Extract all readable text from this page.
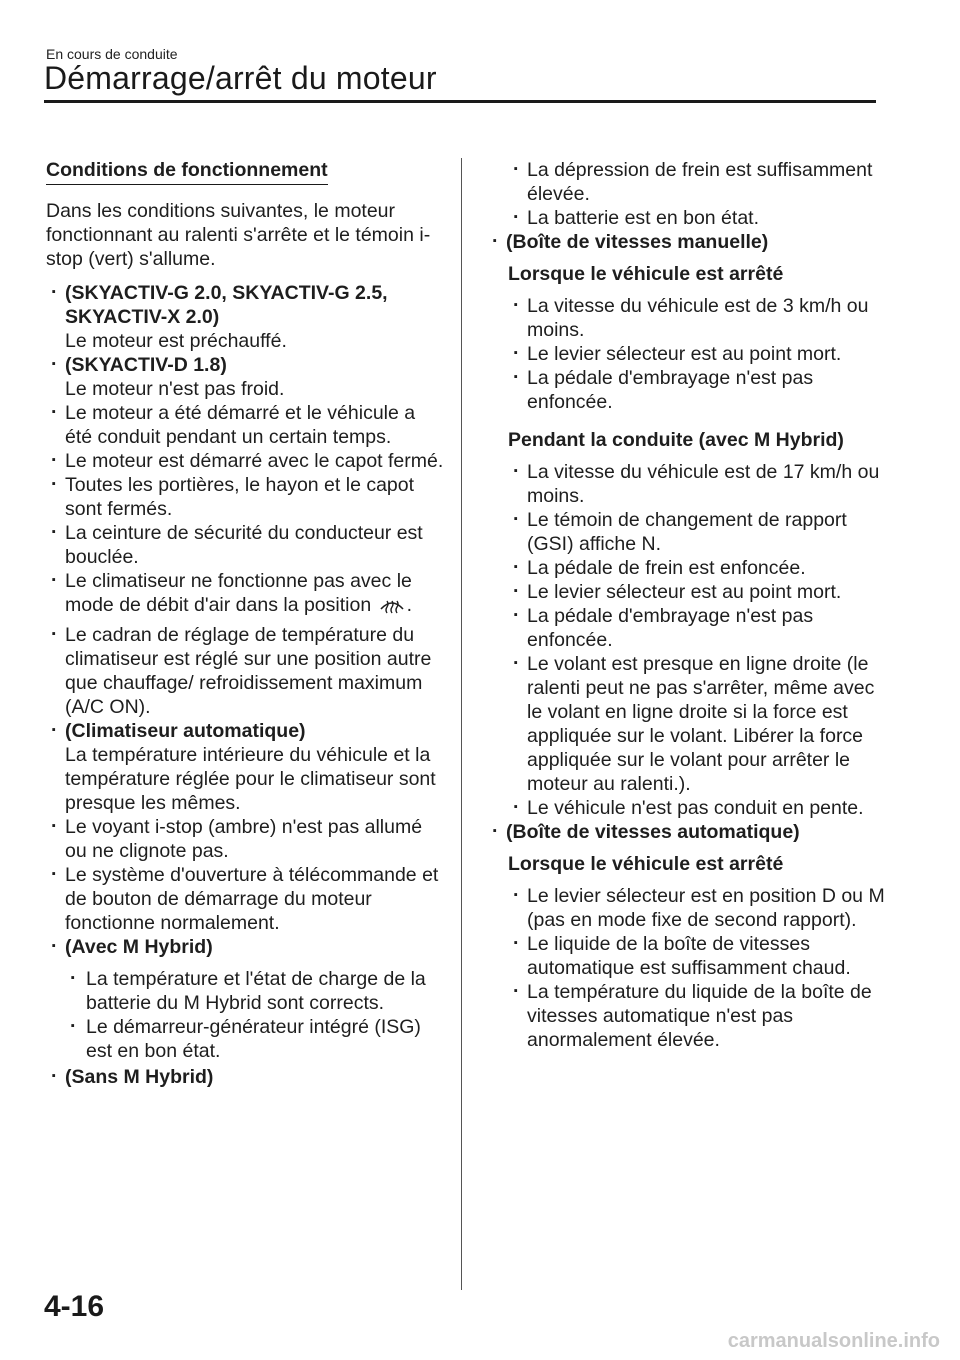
En cours de conduite
Démarrage/arrêt du moteur
Conditions de fonctionnement

Dans les conditions suivantes, le moteur fonctionnant au ralenti s'arrête et le témoin i-stop (vert) s'allume.

· (SKYACTIV-G 2.0, SKYACTIV-G 2.5, SKYACTIV-X 2.0)
Le moteur est préchauffé.
· (SKYACTIV-D 1.8)
Le moteur n'est pas froid.
· Le moteur a été démarré et le véhicule a été conduit pendant un certain temps.
· Le moteur est démarré avec le capot fermé.
· Toutes les portières, le hayon et le capot sont fermés.
· La ceinture de sécurité du conducteur est bouclée.
· Le climatiseur ne fonctionne pas avec le mode de débit d'air dans la position .
· Le cadran de réglage de température du climatiseur est réglé sur une position autre que chauffage/ refroidissement maximum (A/C ON).
· (Climatiseur automatique)
La température intérieure du véhicule et la température réglée pour le climatiseur sont presque les mêmes.
· Le voyant i-stop (ambre) n'est pas allumé ou ne clignote pas.
· Le système d'ouverture à télécommande et de bouton de démarrage du moteur fonctionne normalement.
· (Avec M Hybrid)
· La température et l'état de charge de la batterie du M Hybrid sont corrects.
· Le démarreur-générateur intégré (ISG) est en bon état.
· (Sans M Hybrid)
· La dépression de frein est suffisamment élevée.
· La batterie est en bon état.
· (Boîte de vitesses manuelle)
Lorsque le véhicule est arrêté
· La vitesse du véhicule est de 3 km/h ou moins.
· Le levier sélecteur est au point mort.
· La pédale d'embrayage n'est pas enfoncée.
Pendant la conduite (avec M Hybrid)
· La vitesse du véhicule est de 17 km/h ou moins.
· Le témoin de changement de rapport (GSI) affiche N.
· La pédale de frein est enfoncée.
· Le levier sélecteur est au point mort.
· La pédale d'embrayage n'est pas enfoncée.
· Le volant est presque en ligne droite (le ralenti peut ne pas s'arrêter, même avec le volant en ligne droite si la force est appliquée sur le volant. Libérer la force appliquée sur le volant pour arrêter le moteur au ralenti.).
· Le véhicule n'est pas conduit en pente.
· (Boîte de vitesses automatique)
Lorsque le véhicule est arrêté
· Le levier sélecteur est en position D ou M (pas en mode fixe de second rapport).
· Le liquide de la boîte de vitesses automatique est suffisamment chaud.
· La température du liquide de la boîte de vitesses automatique n'est pas anormalement élevée.
4-16
carmanualsonline.info
